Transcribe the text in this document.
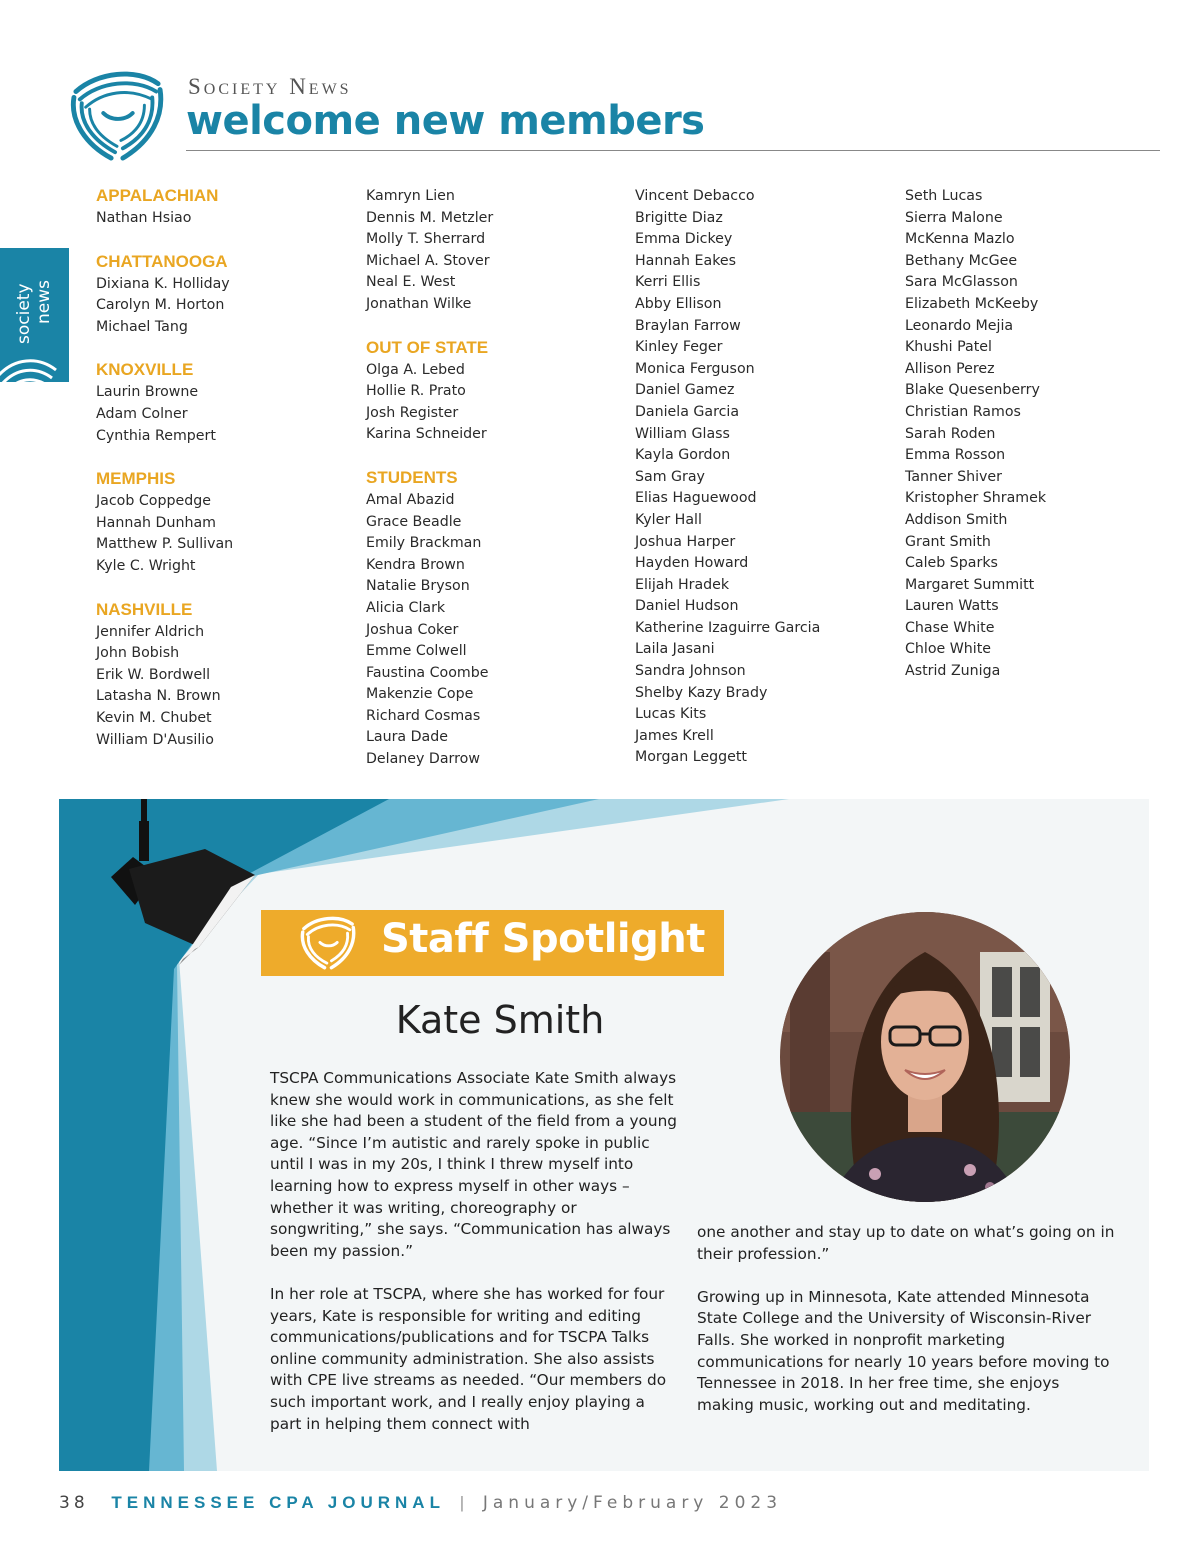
Society News
welcome new members
society news
APPALACHIAN
Nathan Hsiao
CHATTANOOGA
Dixiana K. Holliday
Carolyn M. Horton
Michael Tang
KNOXVILLE
Laurin Browne
Adam Colner
Cynthia Rempert
MEMPHIS
Jacob Coppedge
Hannah Dunham
Matthew P. Sullivan
Kyle C. Wright
NASHVILLE
Jennifer Aldrich
John Bobish
Erik W. Bordwell
Latasha N. Brown
Kevin M. Chubet
William D'Ausilio
Kamryn Lien
Dennis M. Metzler
Molly T. Sherrard
Michael A. Stover
Neal E. West
Jonathan Wilke
OUT OF STATE
Olga A. Lebed
Hollie R. Prato
Josh Register
Karina Schneider
STUDENTS
Amal Abazid
Grace Beadle
Emily Brackman
Kendra Brown
Natalie Bryson
Alicia Clark
Joshua Coker
Emme Colwell
Faustina Coombe
Makenzie Cope
Richard Cosmas
Laura Dade
Delaney Darrow
Vincent Debacco
Brigitte Diaz
Emma Dickey
Hannah Eakes
Kerri Ellis
Abby Ellison
Braylan Farrow
Kinley Feger
Monica Ferguson
Daniel Gamez
Daniela Garcia
William Glass
Kayla Gordon
Sam Gray
Elias Haguewood
Kyler Hall
Joshua Harper
Hayden Howard
Elijah Hradek
Daniel Hudson
Katherine Izaguirre Garcia
Laila Jasani
Sandra Johnson
Shelby Kazy Brady
Lucas Kits
James Krell
Morgan Leggett
Seth Lucas
Sierra Malone
McKenna Mazlo
Bethany McGee
Sara McGlasson
Elizabeth McKeeby
Leonardo Mejia
Khushi Patel
Allison Perez
Blake Quesenberry
Christian Ramos
Sarah Roden
Emma Rosson
Tanner Shiver
Kristopher Shramek
Addison Smith
Grant Smith
Caleb Sparks
Margaret Summitt
Lauren Watts
Chase White
Chloe White
Astrid Zuniga
Staff Spotlight
Kate Smith

TSCPA Communications Associate Kate Smith always knew she would work in communications, as she felt like she had been a student of the field from a young age. “Since I’m autistic and rarely spoke in public until I was in my 20s, I think I threw myself into learning how to express myself in other ways – whether it was writing, choreography or songwriting,” she says. “Communication has always been my passion.”

In her role at TSCPA, where she has worked for four years, Kate is responsible for writing and editing communications/publications and for TSCPA Talks online community administration. She also assists with CPE live streams as needed. “Our members do such important work, and I really enjoy playing a part in helping them connect with

one another and stay up to date on what’s going on in their profession.”

Growing up in Minnesota, Kate attended Minnesota State College and the University of Wisconsin-River Falls. She worked in nonprofit marketing communications for nearly 10 years before moving to Tennessee in 2018. In her free time, she enjoys making music, working out and meditating.

38 TENNESSEE CPA JOURNAL | January/February 2023
